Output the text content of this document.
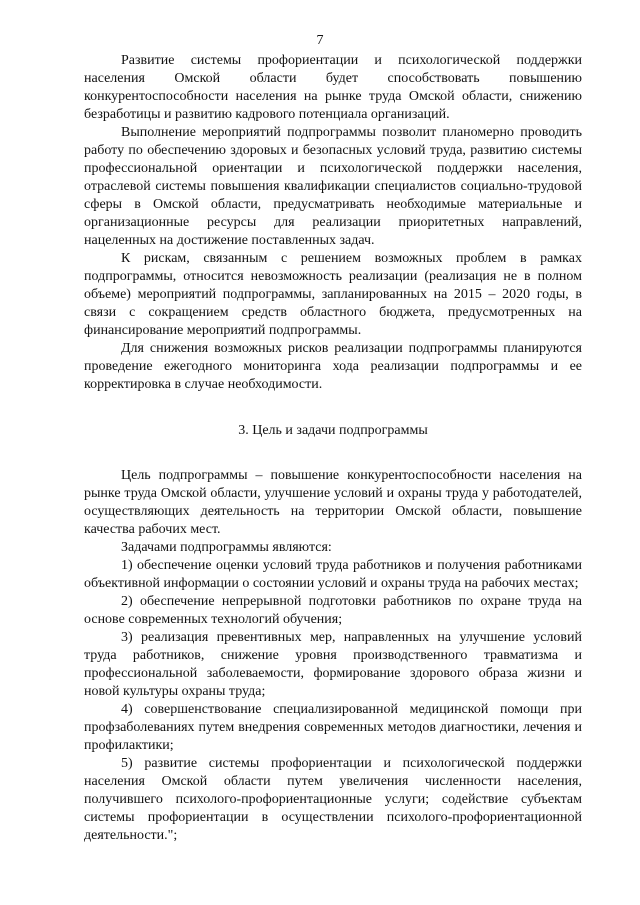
7

Развитие системы профориентации и психологической поддержки населения Омской области будет способствовать повышению конкурентоспособности населения на рынке труда Омской области, снижению безработицы и развитию кадрового потенциала организаций.

Выполнение мероприятий подпрограммы позволит планомерно проводить работу по обеспечению здоровых и безопасных условий труда, развитию системы профессиональной ориентации и психологической поддержки населения, отраслевой системы повышения квалификации специалистов социально-трудовой сферы в Омской области, предусматривать необходимые материальные и организационные ресурсы для реализации приоритетных направлений, нацеленных на достижение поставленных задач.

К рискам, связанным с решением возможных проблем в рамках подпрограммы, относится невозможность реализации (реализация не в полном объеме) мероприятий подпрограммы, запланированных на 2015 – 2020 годы, в связи с сокращением средств областного бюджета, предусмотренных на финансирование мероприятий подпрограммы.

Для снижения возможных рисков реализации подпрограммы планируются проведение ежегодного мониторинга хода реализации подпрограммы и ее корректировка в случае необходимости.

3. Цель и задачи подпрограммы

Цель подпрограммы – повышение конкурентоспособности населения на рынке труда Омской области, улучшение условий и охраны труда у работодателей, осуществляющих деятельность на территории Омской области, повышение качества рабочих мест.

Задачами подпрограммы являются:

1) обеспечение оценки условий труда работников и получения работниками объективной информации о состоянии условий и охраны труда на рабочих местах;

2) обеспечение непрерывной подготовки работников по охране труда на основе современных технологий обучения;

3) реализация превентивных мер, направленных на улучшение условий труда работников, снижение уровня производственного травматизма и профессиональной заболеваемости, формирование здорового образа жизни и новой культуры охраны труда;

4) совершенствование специализированной медицинской помощи при профзаболеваниях путем внедрения современных методов диагностики, лечения и профилактики;

5) развитие системы профориентации и психологической поддержки населения Омской области путем увеличения численности населения, получившего психолого-профориентационные услуги; содействие субъектам системы профориентации в осуществлении психолого-профориентационной деятельности.";
